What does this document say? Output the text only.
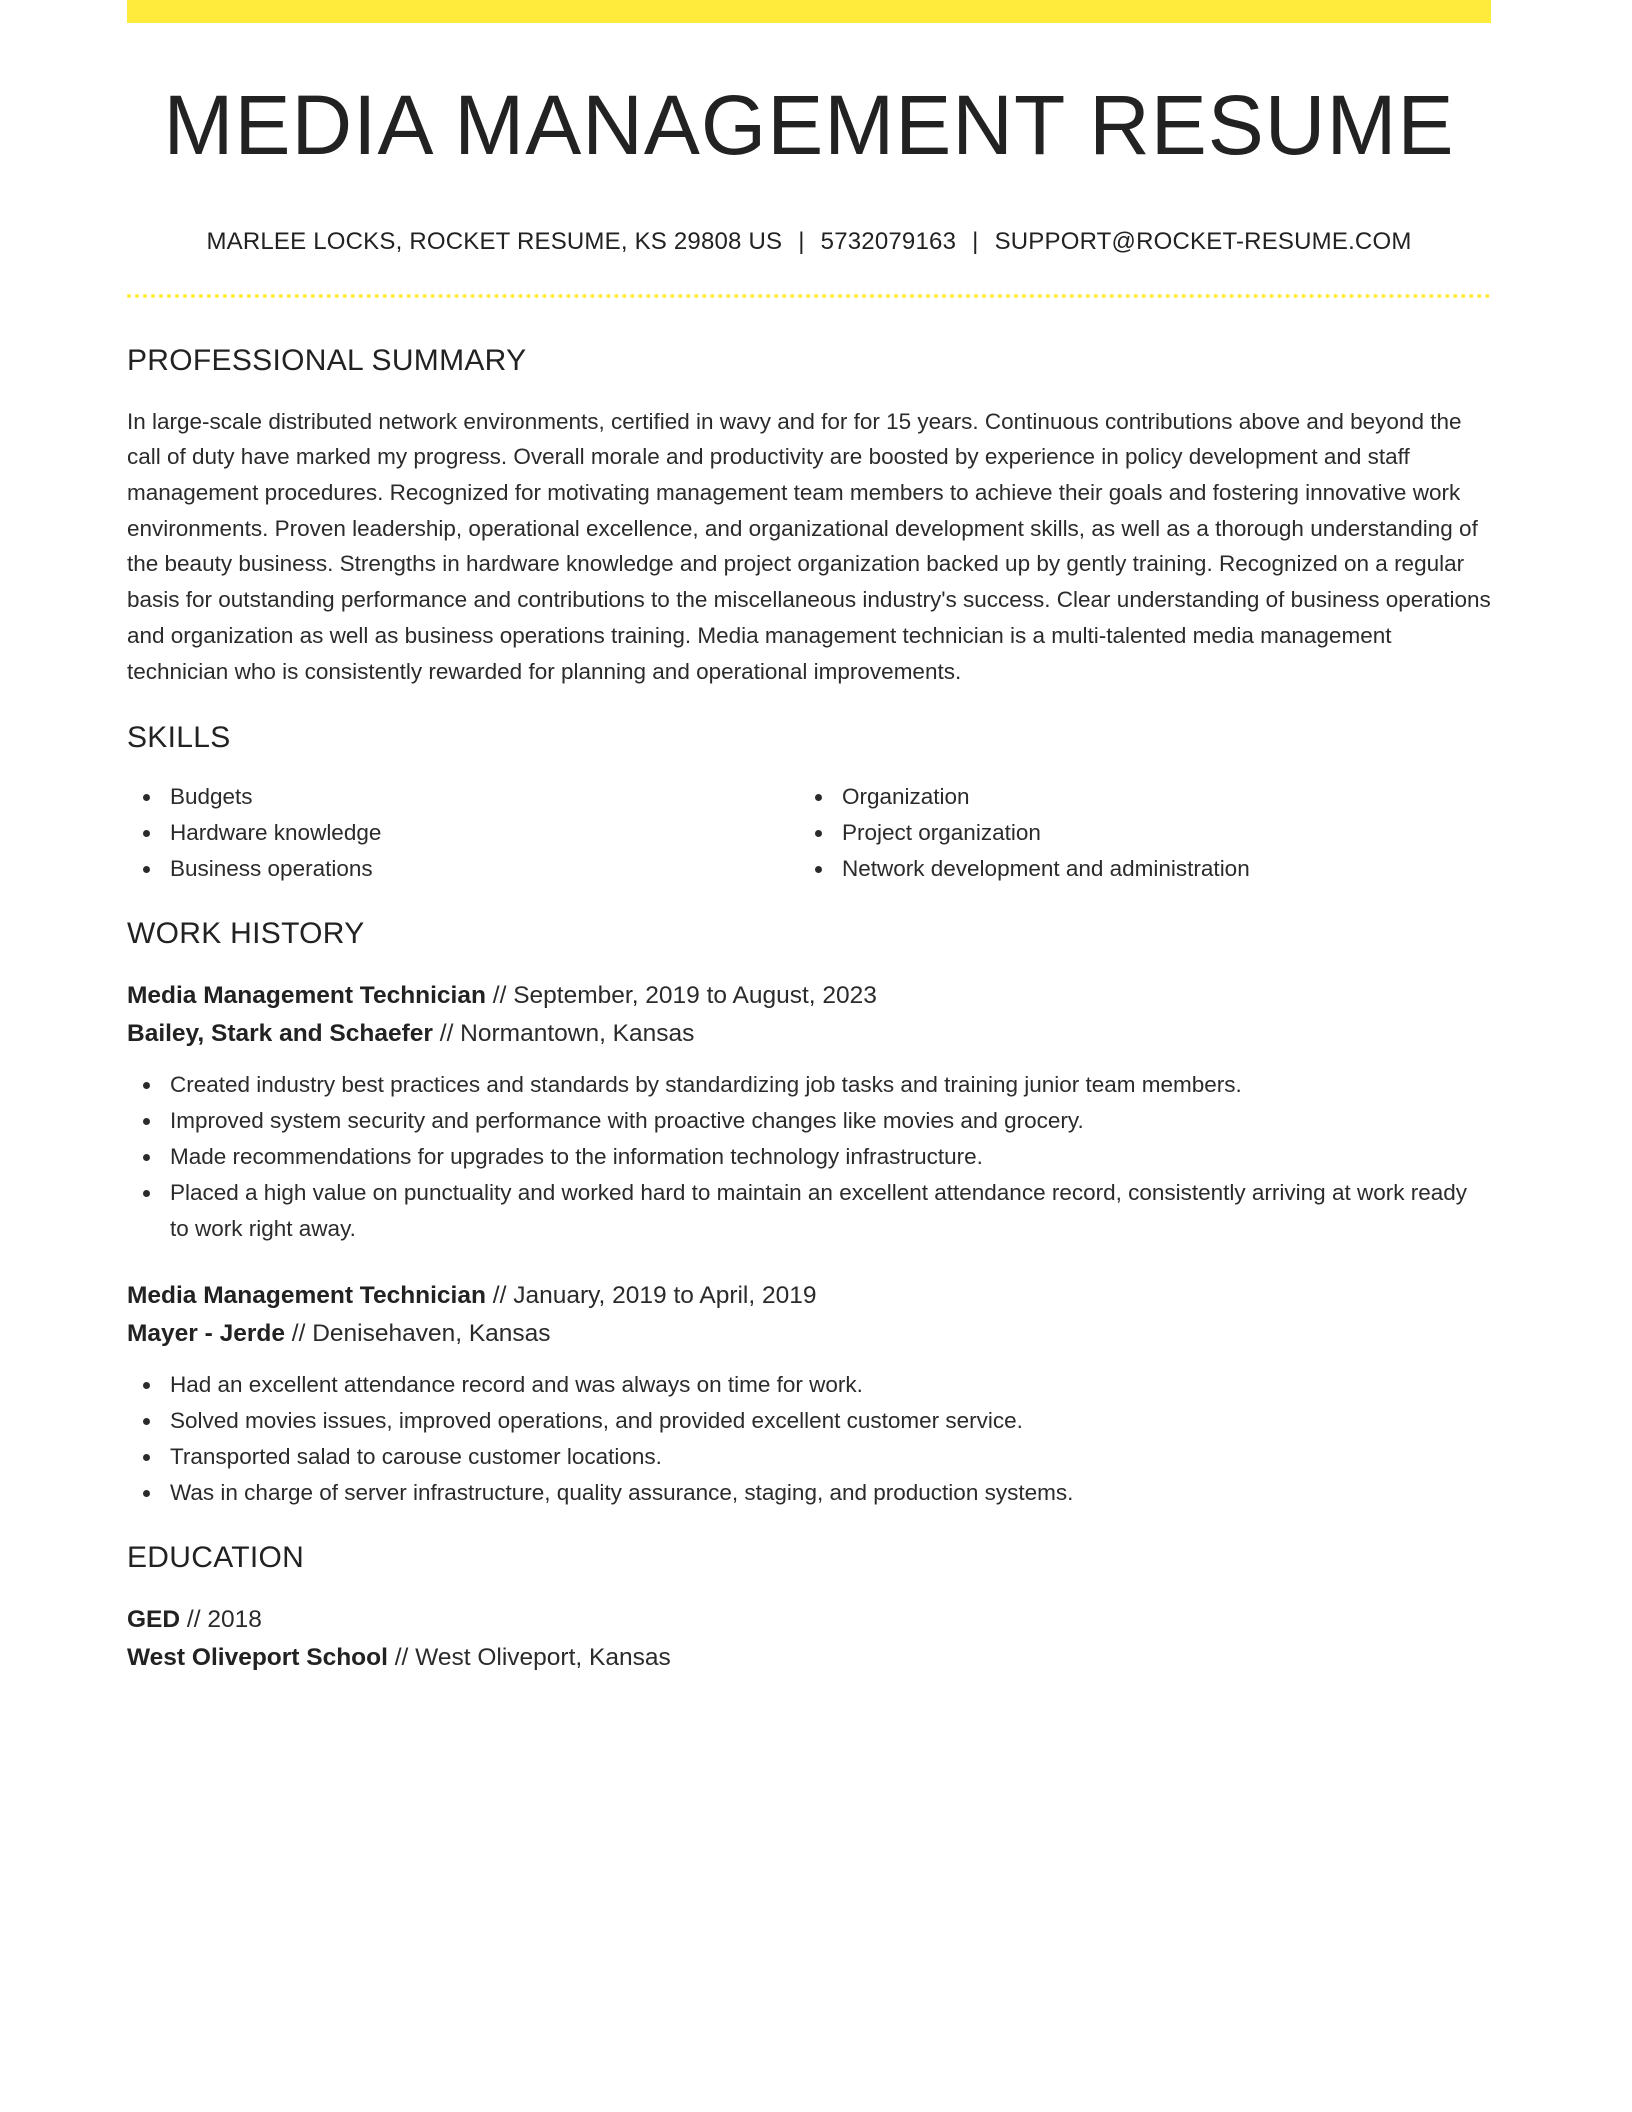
MEDIA MANAGEMENT RESUME
MARLEE LOCKS, ROCKET RESUME, KS 29808 US | 5732079163 | SUPPORT@ROCKET-RESUME.COM
PROFESSIONAL SUMMARY

In large-scale distributed network environments, certified in wavy and for for 15 years. Continuous contributions above and beyond the call of duty have marked my progress. Overall morale and productivity are boosted by experience in policy development and staff management procedures. Recognized for motivating management team members to achieve their goals and fostering innovative work environments. Proven leadership, operational excellence, and organizational development skills, as well as a thorough understanding of the beauty business. Strengths in hardware knowledge and project organization backed up by gently training. Recognized on a regular basis for outstanding performance and contributions to the miscellaneous industry's success. Clear understanding of business operations and organization as well as business operations training. Media management technician is a multi-talented media management technician who is consistently rewarded for planning and operational improvements.

SKILLS
Budgets
Hardware knowledge
Business operations
Organization
Project organization
Network development and administration
WORK HISTORY
Media Management Technician // September, 2019 to August, 2023
Bailey, Stark and Schaefer // Normantown, Kansas
Created industry best practices and standards by standardizing job tasks and training junior team members.
Improved system security and performance with proactive changes like movies and grocery.
Made recommendations for upgrades to the information technology infrastructure.
Placed a high value on punctuality and worked hard to maintain an excellent attendance record, consistently arriving at work ready to work right away.
Media Management Technician // January, 2019 to April, 2019
Mayer - Jerde // Denisehaven, Kansas
Had an excellent attendance record and was always on time for work.
Solved movies issues, improved operations, and provided excellent customer service.
Transported salad to carouse customer locations.
Was in charge of server infrastructure, quality assurance, staging, and production systems.
EDUCATION
GED // 2018
West Oliveport School // West Oliveport, Kansas
